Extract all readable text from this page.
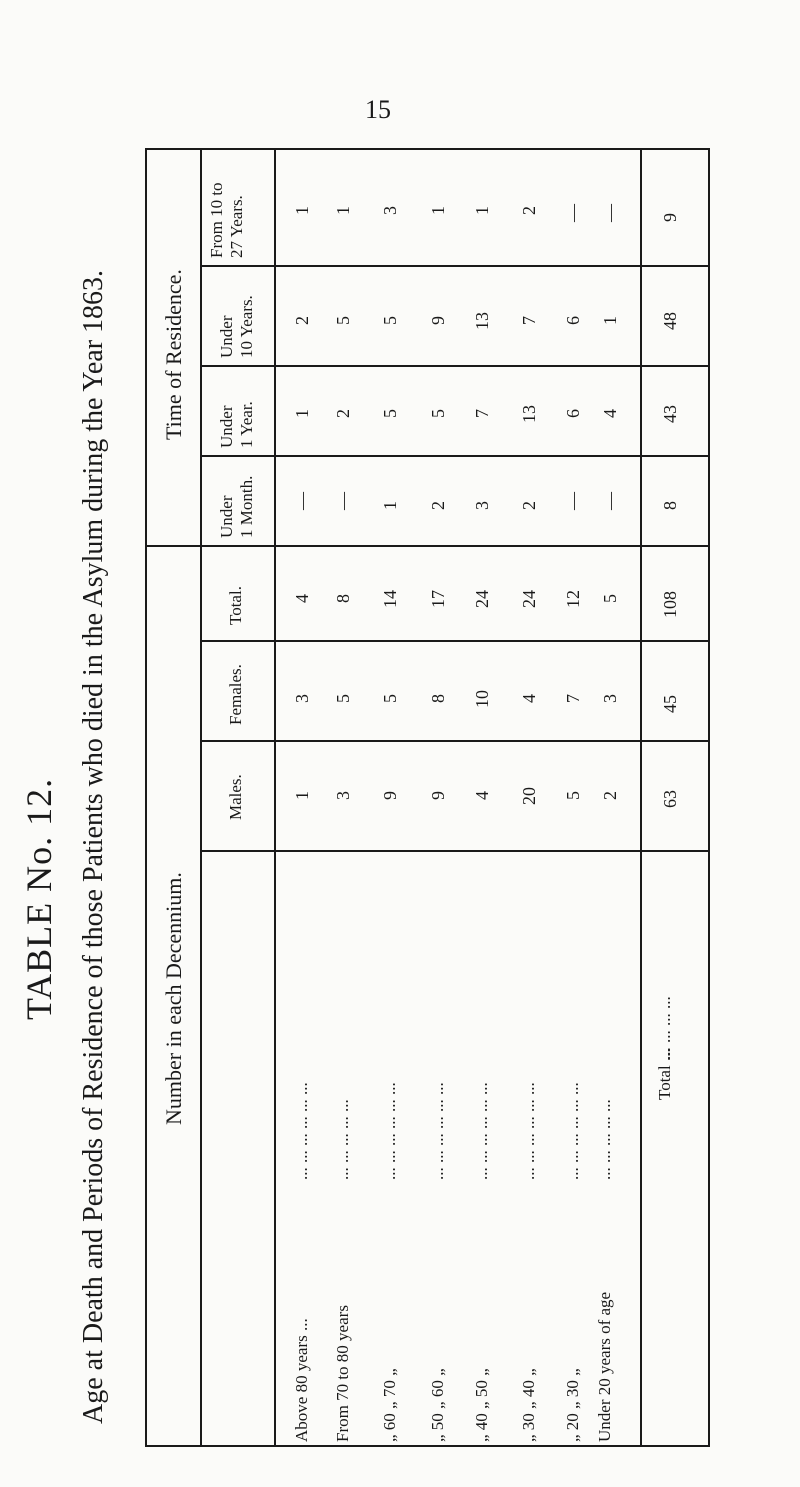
15
TABLE No. 12. Age at Death and Periods of Residence of those Patients who died in the Asylum during the Year 1863. Time of Residence.
Number in each Decennium.
From 10 to 27 Years.
Under 10 Years.
Under 1 Year.
Under 1 Month.
Total.
Females.
Males.
Above 80 years ... From 70 to 80 years „ 60 „ 70 „ „ 50 „ 60 „ „ 40 „ 50 „ „ 30 „ 40 „ „ 20 „ 30 „ Under 20 years of age
Total ...
... ... ... ... ... ... ... ... ... ... ... ... ... ... ... ... ... ... ... ... ... ... ... ... ... ... ... ... ... ... ... ... ... ... ... ... ... ... ... ... ... ... ... ... ... ...
... ... ... ...
1
3
4
—
1
2
1
3
5
8
—
2
5
1
9
5
14
1
5
5
3
9
8
17
2
5
9
1
4
10
24
3
7
13
1
20
4
24
2
13
7
2
5
7
12
—
6
6
—
2
3
5
—
4
1
—
63
45
108
8
43
48
9
